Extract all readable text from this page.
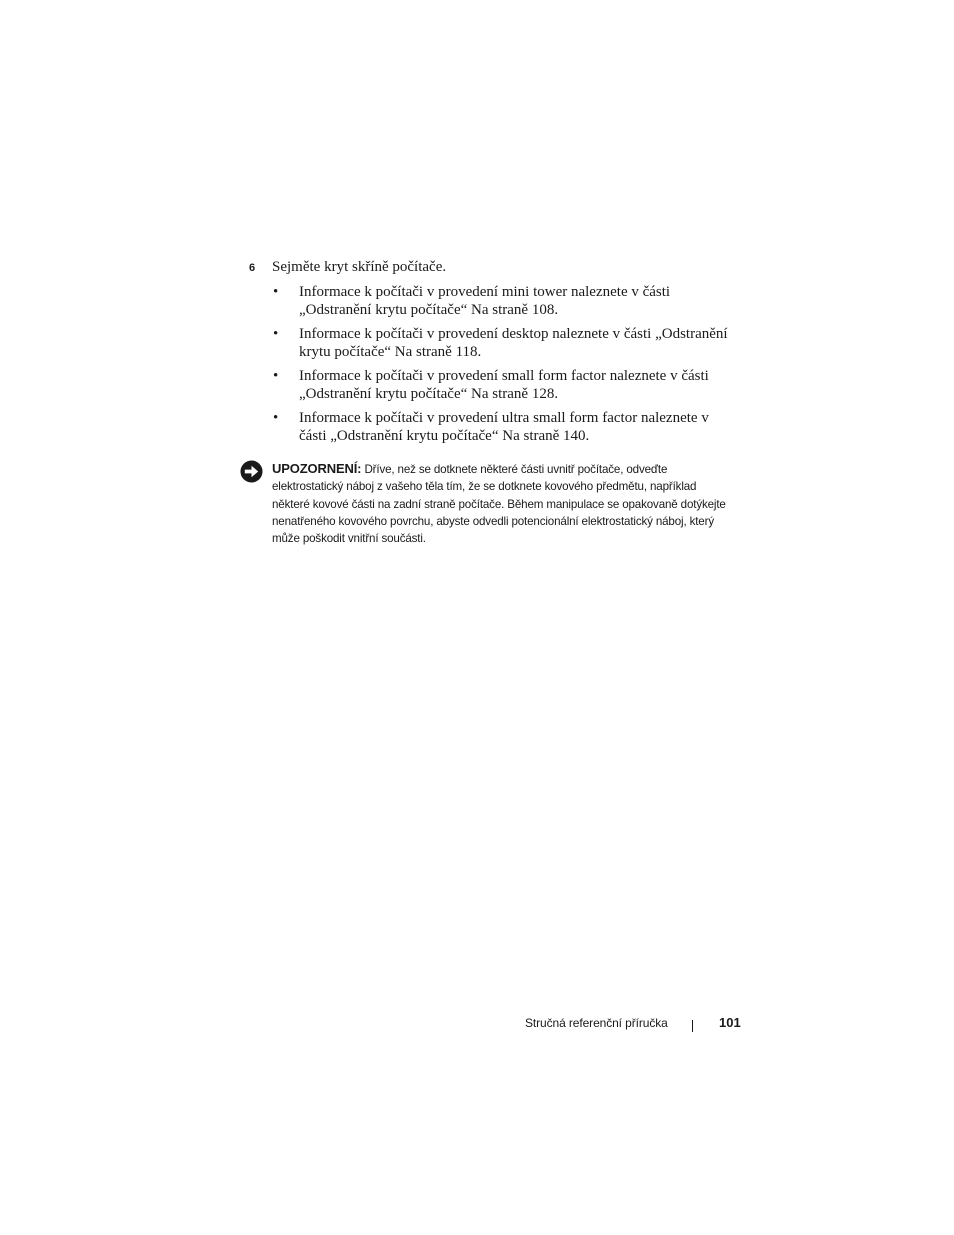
6	Sejměte kryt skříně počítače.
•	Informace k počítači v provedení mini tower naleznete v části „Odstranění krytu počítače“ Na straně 108.
•	Informace k počítači v provedení desktop naleznete v části „Odstranění krytu počítače“ Na straně 118.
•	Informace k počítači v provedení small form factor naleznete v části „Odstranění krytu počítače“ Na straně 128.
•	Informace k počítači v provedení ultra small form factor naleznete v části „Odstranění krytu počítače“ Na straně 140.
UPOZORNENÍ: Dříve, než se dotknete některé části uvnitř počítače, odveďte elektrostatický náboj z vašeho těla tím, že se dotknete kovového předmětu, například některé kovové části na zadní straně počítače. Během manipulace se opakovaně dotýkejte nenatřeného kovového povrchu, abyste odvedli potencionální elektrostatický náboj, který může poškodit vnitřní součásti.
Stručná referenční příručka	101
